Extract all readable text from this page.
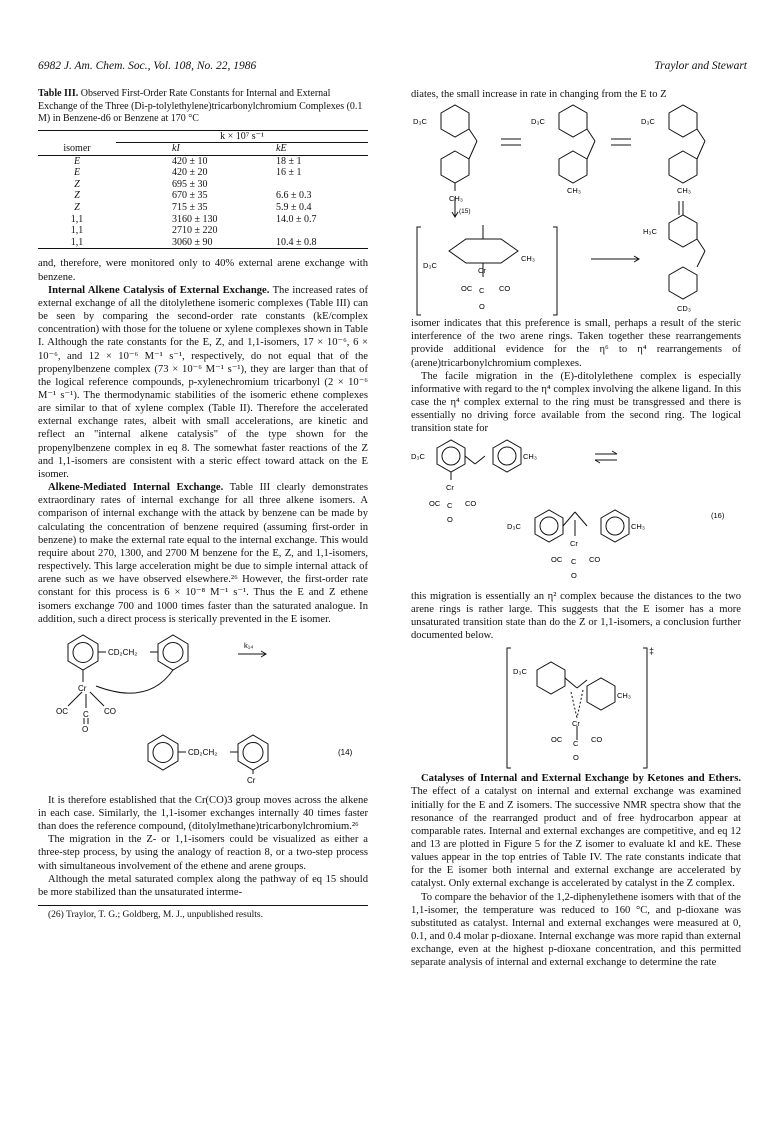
6982 J. Am. Chem. Soc., Vol. 108, No. 22, 1986	Traylor and Stewart
Table III. Observed First-Order Rate Constants for Internal and External Exchange of the Three (Di-p-tolylethylene)tricarbonylchromium Complexes (0.1 M) in Benzene-d6 or Benzene at 170 °C
	k × 10⁷ s⁻¹	
isomer	kI	kE
E	420 ± 10	18 ± 1
E	420 ± 20	16 ± 1
Z	695 ± 30	
Z	670 ± 35	6.6 ± 0.3
Z	715 ± 35	5.9 ± 0.4
1,1	3160 ± 130	14.0 ± 0.7
1,1	2710 ± 220	
1,1	3060 ± 90	10.4 ± 0.8

and, therefore, were monitored only to 40% external arene exchange with benzene.

Internal Alkene Catalysis of External Exchange. The increased rates of external exchange of all the ditolylethene isomeric complexes (Table III) can be seen by comparing the second-order rate constants (kE/complex concentration) with those for the toluene or xylene complexes shown in Table I. Although the rate constants for the E, Z, and 1,1-isomers, 17 × 10⁻⁶, 6 × 10⁻⁶, and 12 × 10⁻⁶ M⁻¹ s⁻¹, respectively, do not equal that of the propenylbenzene complex (73 × 10⁻⁶ M⁻¹ s⁻¹), they are larger than that of the logical reference compounds, p-xylenechromium tricarbonyl (2 × 10⁻⁶ M⁻¹ s⁻¹). The thermodynamic stabilities of the isomeric ethene complexes are similar to that of xylene complex (Table II). Therefore the accelerated external exchange rates, albeit with small accelerations, are kinetic and reflect an "internal alkene catalysis" of the type shown for the propenylbenzene complex in eq 8. The somewhat faster reactions of the Z and 1,1-isomers are consistent with a steric effect toward attack on the E isomer.

Alkene-Mediated Internal Exchange. Table III clearly demonstrates extraordinary rates of internal exchange for all three alkene isomers. A comparison of internal exchange with the attack by benzene can be made by calculating the concentration of benzene required (assuming first-order in benzene) to make the external rate equal to the internal exchange. This would require about 270, 1300, and 2700 M benzene for the E, Z, and 1,1-isomers, respectively. This large acceleration might be due to simple internal attack of arene such as we have observed elsewhere.²⁶ However, the first-order rate constant for this process is 6 × 10⁻⁸ M⁻¹ s⁻¹. Thus the E and Z ethene isomers exchange 700 and 1000 times faster than the saturated analogue. In addition, such a direct process is sterically prevented in the E isomer.

CD₂CH₂
Cr
OC	CO
C
O
k₁₄
CD₂CH₂
Cr
(14)

It is therefore established that the Cr(CO)3 group moves across the alkene in each case. Similarly, the 1,1-isomer exchanges internally 40 times faster than does the reference compound, (ditolylmethane)tricarbonylchromium.²⁶

The migration in the Z- or 1,1-isomers could be visualized as either a three-step process, by using the analogy of reaction 8, or a two-step process with simultaneous involvement of the ethene and arene groups.

Although the metal saturated complex along the pathway of eq 15 should be more stabilized than the unsaturated interme-

(26) Traylor, T. G.; Goldberg, M. J., unpublished results.

diates, the small increase in rate in changing from the E to Z

D₃C
CH₃
D₃C
CH₃
D₃C
CH₃
(15)
D₃C
CH₃
Cr
OC	CO
C
O
H₃C
CD₃

isomer indicates that this preference is small, perhaps a result of the steric interference of the two arene rings. Taken together these rearrangements provide additional evidence for the η⁶ to η⁴ rearrangements of (arene)tricarbonylchromium complexes.

The facile migration in the (E)-ditolylethene complex is especially informative with regard to the η⁴ complex involving the alkene ligand. In this case the η⁴ complex external to the ring must be transgressed and there is essentially no driving force available from the second ring. The logical transition state for

D₃C	CH₃
Cr
OC	CO
C
O
D₃C	CH₃
Cr
OC	CO
C
O
(16)

this migration is essentially an η² complex because the distances to the two arene rings is rather large. This suggests that the E isomer has a more unsaturated transition state than do the Z or 1,1-isomers, a conclusion further documented below.

D₃C
CH₃
Cr
OC	CO
C
O
‡

Catalyses of Internal and External Exchange by Ketones and Ethers. The effect of a catalyst on internal and external exchange was examined initially for the E and Z isomers. The successive NMR spectra show that the resonance of the rearranged product and of free hydrocarbon appear at comparable rates. Internal and external exchanges are competitive, and eq 12 and 13 are plotted in Figure 5 for the Z isomer to evaluate kI and kE. These values appear in the top entries of Table IV. The rate constants indicate that for the E isomer both internal and external exchange are accelerated by catalyst. Only external exchange is accelerated by catalyst in the Z complex.

To compare the behavior of the 1,2-diphenylethene isomers with that of the 1,1-isomer, the temperature was reduced to 160 °C, and p-dioxane was substituted as catalyst. Internal and external exchanges were measured at 0, 0.1, and 0.4 molar p-dioxane. Internal exchange was more rapid than external exchange, even at the highest p-dioxane concentration, and this permitted separate analysis of internal and external exchange to determine the rate
